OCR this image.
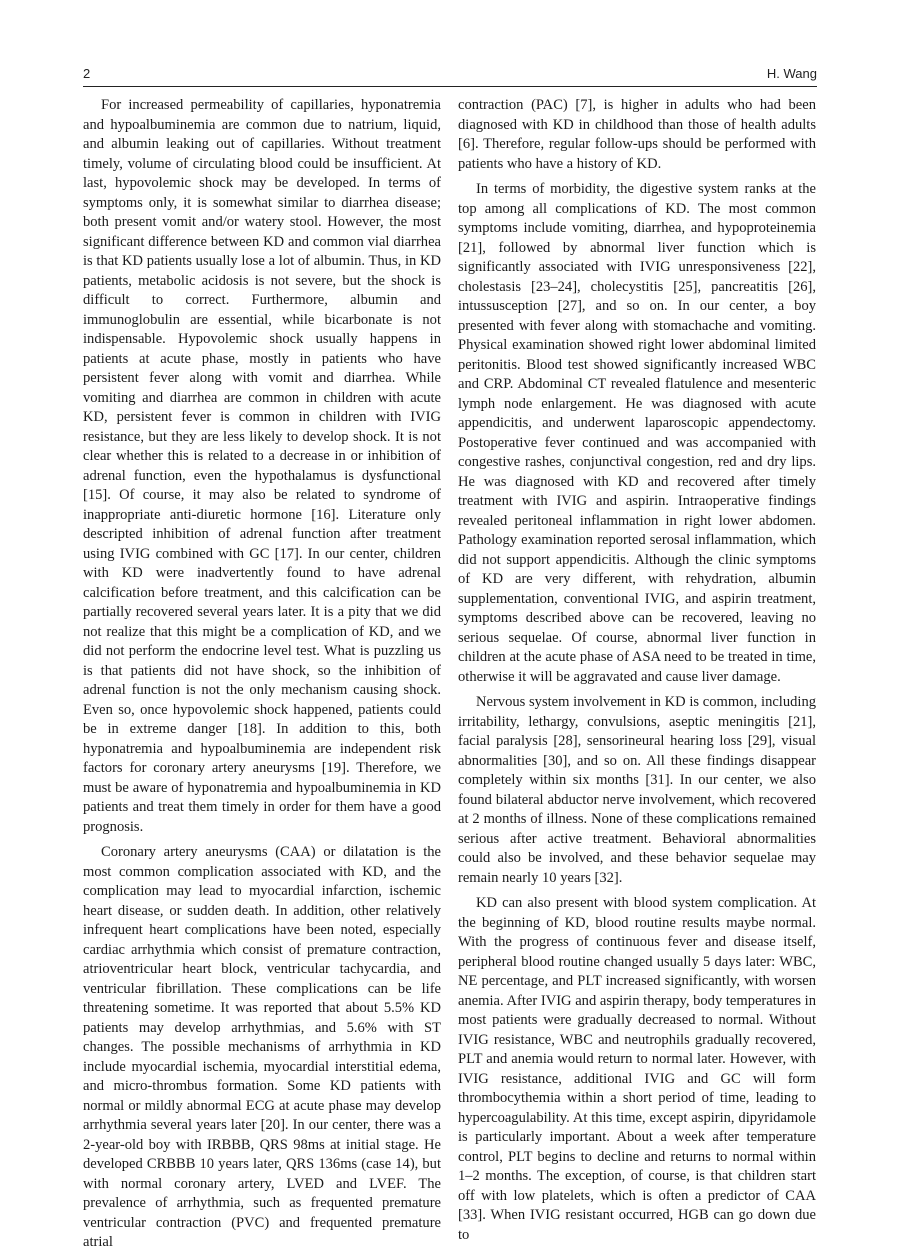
2	H. Wang

For increased permeability of capillaries, hyponatremia and hypoalbuminemia are common due to natrium, liquid, and albumin leaking out of capillaries. Without treatment timely, volume of circulating blood could be insufficient. At last, hypovolemic shock may be developed. In terms of symptoms only, it is somewhat similar to diarrhea disease; both present vomit and/or watery stool. However, the most significant difference between KD and common vial diarrhea is that KD patients usually lose a lot of albumin. Thus, in KD patients, metabolic acidosis is not severe, but the shock is difficult to correct. Furthermore, albumin and immunoglobulin are essential, while bicarbonate is not indispensable. Hypovolemic shock usually happens in patients at acute phase, mostly in patients who have persistent fever along with vomit and diarrhea. While vomiting and diarrhea are common in children with acute KD, persistent fever is common in children with IVIG resistance, but they are less likely to develop shock. It is not clear whether this is related to a decrease in or inhibition of adrenal function, even the hypothalamus is dysfunctional [15]. Of course, it may also be related to syndrome of inappropriate anti-diuretic hormone [16]. Literature only descripted inhibition of adrenal function after treatment using IVIG combined with GC [17]. In our center, children with KD were inadvertently found to have adrenal calcification before treatment, and this calcification can be partially recovered several years later. It is a pity that we did not realize that this might be a complication of KD, and we did not perform the endocrine level test. What is puzzling us is that patients did not have shock, so the inhibition of adrenal function is not the only mechanism causing shock. Even so, once hypovolemic shock happened, patients could be in extreme danger [18]. In addition to this, both hyponatremia and hypoalbuminemia are independent risk factors for coronary artery aneurysms [19]. Therefore, we must be aware of hyponatremia and hypoalbuminemia in KD patients and treat them timely in order for them have a good prognosis.

Coronary artery aneurysms (CAA) or dilatation is the most common complication associated with KD, and the complication may lead to myocardial infarction, ischemic heart disease, or sudden death. In addition, other relatively infrequent heart complications have been noted, especially cardiac arrhythmia which consist of premature contraction, atrioventricular heart block, ventricular tachycardia, and ventricular fibrillation. These complications can be life threatening sometime. It was reported that about 5.5% KD patients may develop arrhythmias, and 5.6% with ST changes. The possible mechanisms of arrhythmia in KD include myocardial ischemia, myocardial interstitial edema, and micro-thrombus formation. Some KD patients with normal or mildly abnormal ECG at acute phase may develop arrhythmia several years later [20]. In our center, there was a 2-year-old boy with IRBBB, QRS 98ms at initial stage. He developed CRBBB 10 years later, QRS 136ms (case 14), but with normal coronary artery, LVED and LVEF. The prevalence of arrhythmia, such as frequented premature ventricular contraction (PVC) and frequented premature atrial

contraction (PAC) [7], is higher in adults who had been diagnosed with KD in childhood than those of health adults [6]. Therefore, regular follow-ups should be performed with patients who have a history of KD.

In terms of morbidity, the digestive system ranks at the top among all complications of KD. The most common symptoms include vomiting, diarrhea, and hypoproteinemia [21], followed by abnormal liver function which is significantly associated with IVIG unresponsiveness [22], cholestasis [23–24], cholecystitis [25], pancreatitis [26], intussusception [27], and so on. In our center, a boy presented with fever along with stomachache and vomiting. Physical examination showed right lower abdominal limited peritonitis. Blood test showed significantly increased WBC and CRP. Abdominal CT revealed flatulence and mesenteric lymph node enlargement. He was diagnosed with acute appendicitis, and underwent laparoscopic appendectomy. Postoperative fever continued and was accompanied with congestive rashes, conjunctival congestion, red and dry lips. He was diagnosed with KD and recovered after timely treatment with IVIG and aspirin. Intraoperative findings revealed peritoneal inflammation in right lower abdomen. Pathology examination reported serosal inflammation, which did not support appendicitis. Although the clinic symptoms of KD are very different, with rehydration, albumin supplementation, conventional IVIG, and aspirin treatment, symptoms described above can be recovered, leaving no serious sequelae. Of course, abnormal liver function in children at the acute phase of ASA need to be treated in time, otherwise it will be aggravated and cause liver damage.

Nervous system involvement in KD is common, including irritability, lethargy, convulsions, aseptic meningitis [21], facial paralysis [28], sensorineural hearing loss [29], visual abnormalities [30], and so on. All these findings disappear completely within six months [31]. In our center, we also found bilateral abductor nerve involvement, which recovered at 2 months of illness. None of these complications remained serious after active treatment. Behavioral abnormalities could also be involved, and these behavior sequelae may remain nearly 10 years [32].

KD can also present with blood system complication. At the beginning of KD, blood routine results maybe normal. With the progress of continuous fever and disease itself, peripheral blood routine changed usually 5 days later: WBC, NE percentage, and PLT increased significantly, with worsen anemia. After IVIG and aspirin therapy, body temperatures in most patients were gradually decreased to normal. Without IVIG resistance, WBC and neutrophils gradually recovered, PLT and anemia would return to normal later. However, with IVIG resistance, additional IVIG and GC will form thrombocythemia within a short period of time, leading to hypercoagulability. At this time, except aspirin, dipyridamole is particularly important. About a week after temperature control, PLT begins to decline and returns to normal within 1–2 months. The exception, of course, is that children start off with low platelets, which is often a predictor of CAA [33]. When IVIG resistant occurred, HGB can go down due to
